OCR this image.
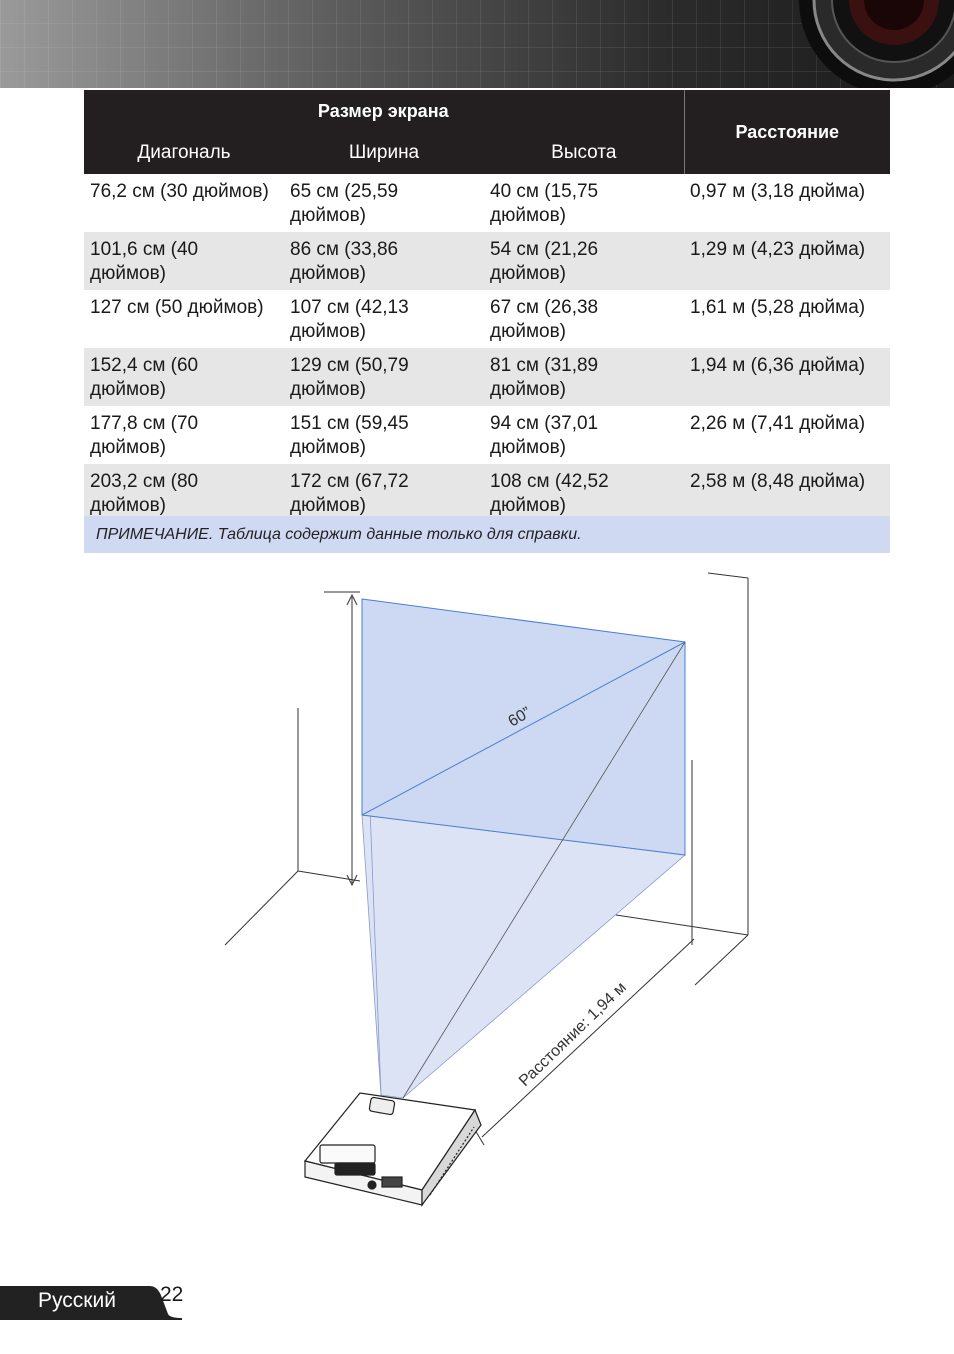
Размер экрана			Расстояние
Диагональ	Ширина	Высота	
76,2 см (30 дюймов)	65 см (25,59 дюймов)	40 см (15,75 дюймов)	0,97 м (3,18 дюйма)
101,6 см (40 дюймов)	86 см (33,86 дюймов)	54 см (21,26 дюймов)	1,29 м (4,23 дюйма)
127 см (50 дюймов)	107 см (42,13 дюймов)	67 см (26,38 дюймов)	1,61 м (5,28 дюйма)
152,4 см (60 дюймов)	129 см (50,79 дюймов)	81 см (31,89 дюймов)	1,94 м (6,36 дюйма)
177,8 см (70 дюймов)	151 см (59,45 дюймов)	94 см (37,01 дюймов)	2,26 м (7,41 дюйма)
203,2 см (80 дюймов)	172 см (67,72 дюймов)	108 см (42,52 дюймов)	2,58 м (8,48 дюйма)
ПРИМЕЧАНИЕ. Таблица содержит данные только для справки.
60”
Расстояние: 1,94 м
Русский 22
